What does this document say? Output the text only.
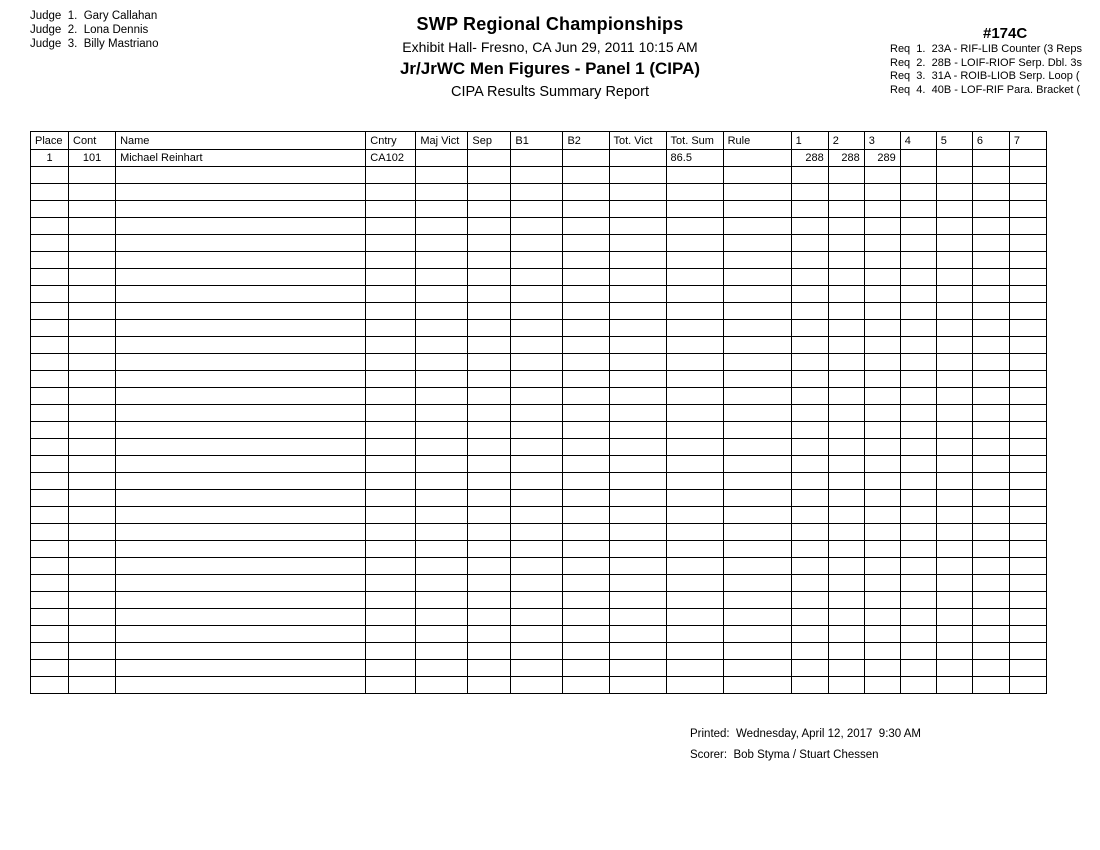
Judge  1.  Gary Callahan
Judge  2.  Lona Dennis
Judge  3.  Billy Mastriano
SWP Regional Championships
Exhibit Hall- Fresno, CA Jun 29, 2011 10:15 AM
Jr/JrWC Men Figures - Panel 1 (CIPA)
CIPA Results Summary Report
#174C
Req  1.  23A - RIF-LIB Counter (3 Reps
Req  2.  28B - LOIF-RIOF Serp. Dbl. 3s
Req  3.  31A - ROIB-LIOB Serp. Loop (
Req  4.  40B - LOF-RIF Para. Bracket (
Place	Cont	Name	Cntry	Maj Vict	Sep	B1	B2	Tot. Vict	Tot. Sum	Rule	1	2	3	4	5	6	7
1	101	Michael Reinhart	CA102						86.5		288	288	289				

Printed:  Wednesday, April 12, 2017  9:30 AM
Scorer:  Bob Styma / Stuart Chessen
